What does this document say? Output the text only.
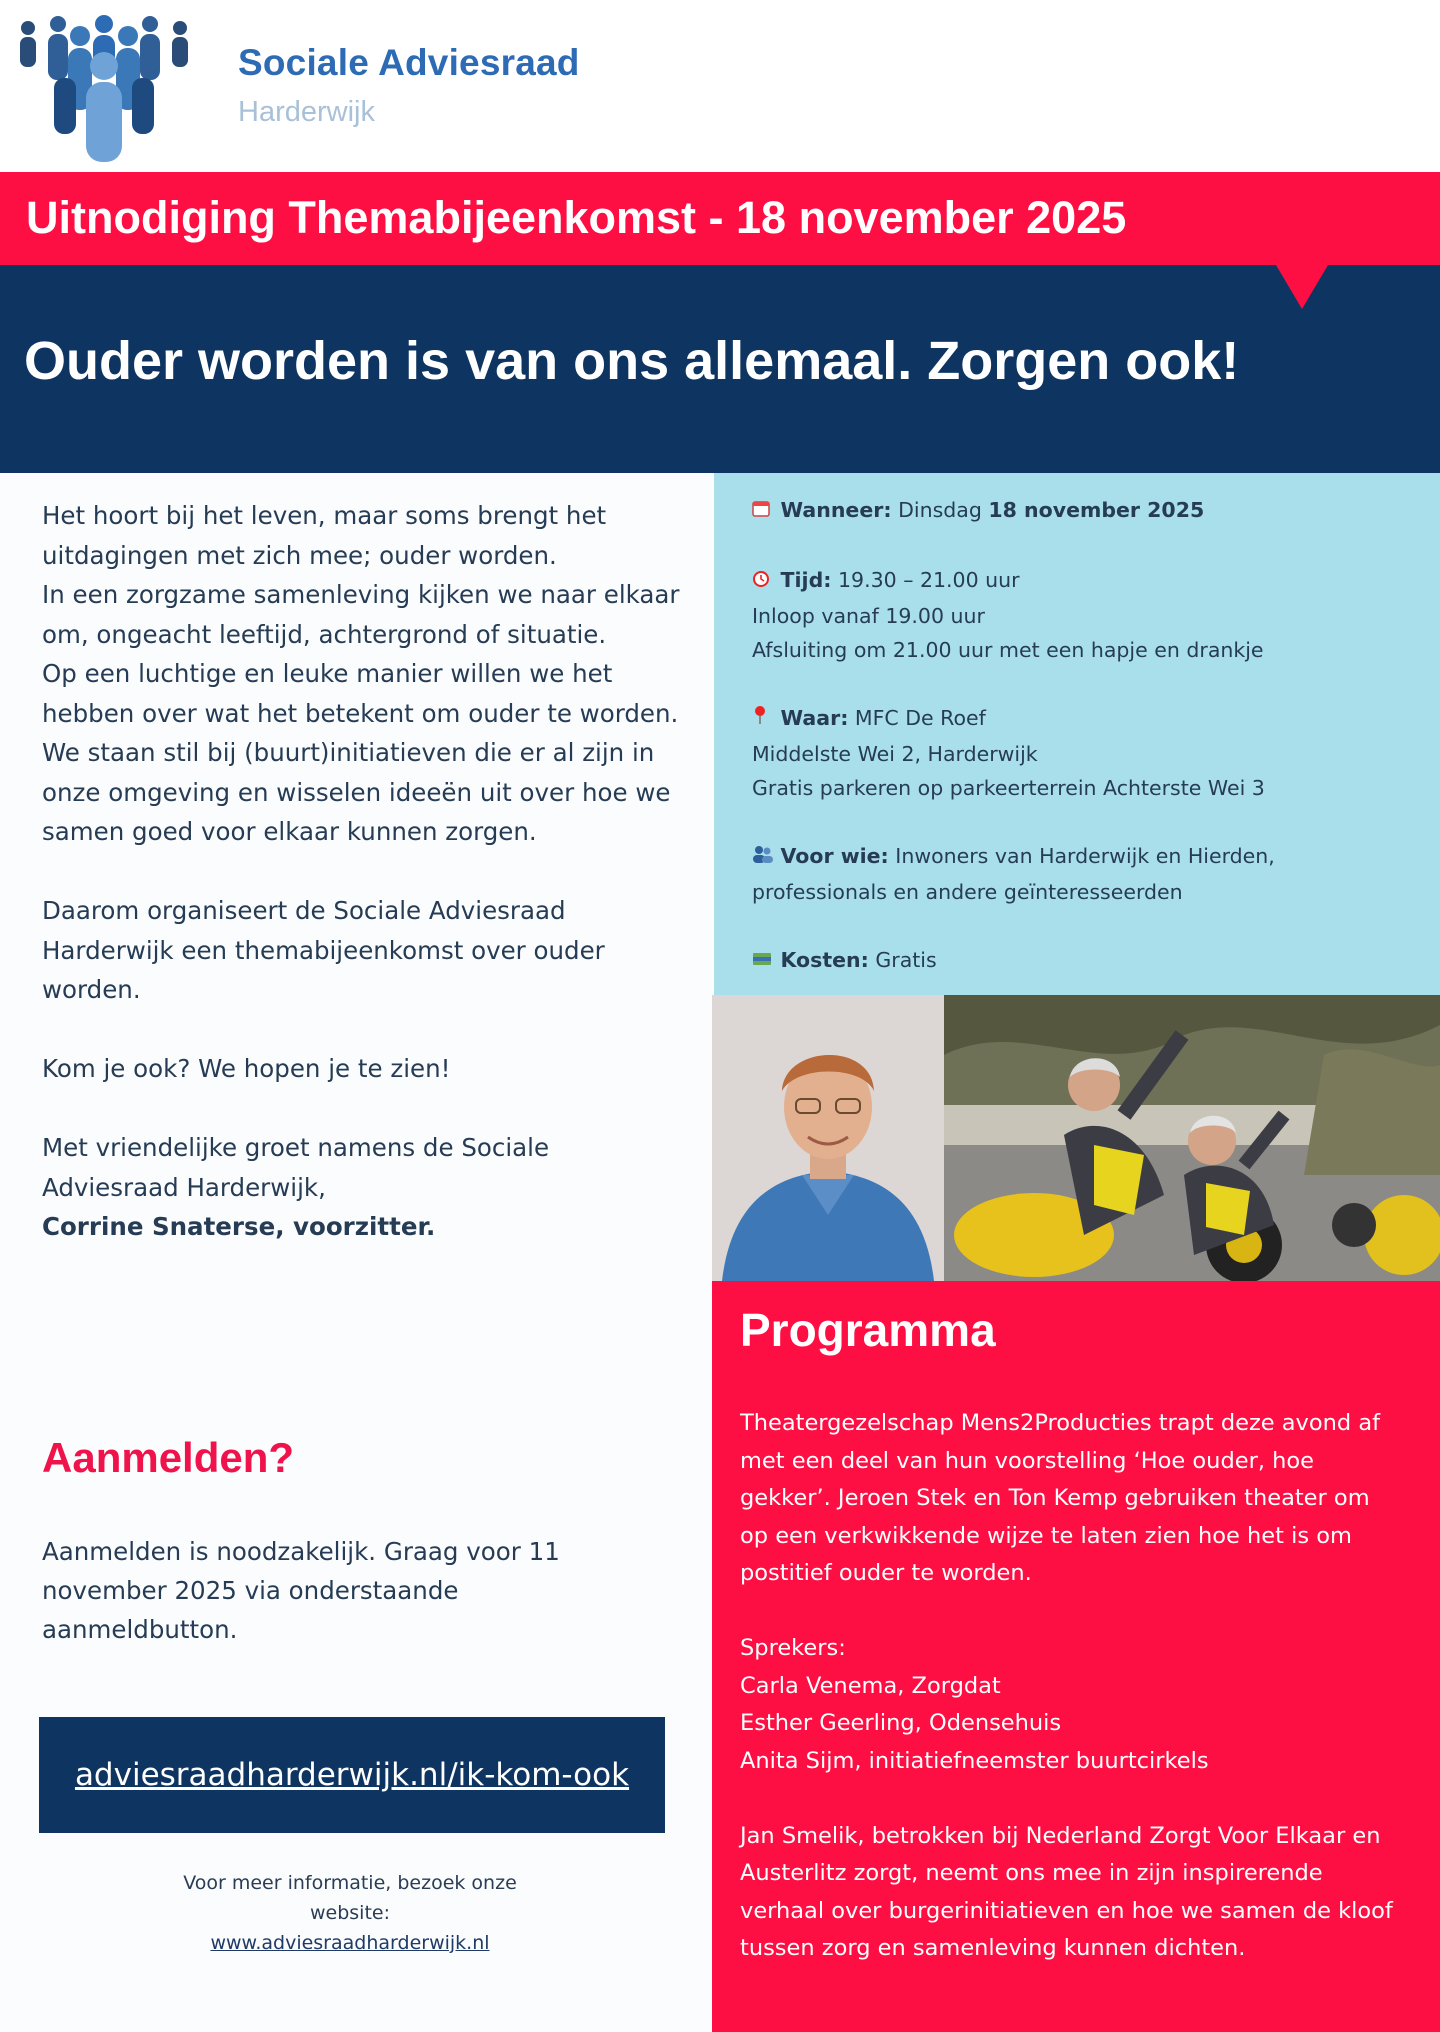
Sociale Adviesraad
Harderwijk
Uitnodiging Themabijeenkomst - 18 november 2025
Ouder worden is van ons allemaal. Zorgen ook!

Het hoort bij het leven, maar soms brengt het uitdagingen met zich mee; ouder worden.

In een zorgzame samenleving kijken we naar elkaar om, ongeacht leeftijd, achtergrond of situatie.

Op een luchtige en leuke manier willen we het hebben over wat het betekent om ouder te worden.

We staan stil bij (buurt)initiatieven die er al zijn in onze omgeving en wisselen ideeën uit over hoe we samen goed voor elkaar kunnen zorgen.

Daarom organiseert de Sociale Adviesraad Harderwijk een themabijeenkomst over ouder worden.

Kom je ook? We hopen je te zien!

Met vriendelijke groet namens de Sociale Adviesraad Harderwijk,

Corrine Snaterse, voorzitter.

Aanmelden?
Aanmelden is noodzakelijk. Graag voor 11 november 2025 via onderstaande aanmeldbutton.
adviesraadharderwijk.nl/ik-kom-ook
Voor meer informatie, bezoek onze website:
www.adviesraadharderwijk.nl
Wanneer: Dinsdag 18 november 2025
Tijd: 19.30 – 21.00 uur
Inloop vanaf 19.00 uur
Afsluiting om 21.00 uur met een hapje en drankje
Waar: MFC De Roef
Middelste Wei 2, Harderwijk
Gratis parkeren op parkeerterrein Achterste Wei 3
Voor wie: Inwoners van Harderwijk en Hierden, professionals en andere geïnteresseerden
Kosten: Gratis
Programma

Theatergezelschap Mens2Producties trapt deze avond af met een deel van hun voorstelling ‘Hoe ouder, hoe gekker’. Jeroen Stek en Ton Kemp gebruiken theater om op een verkwikkende wijze te laten zien hoe het is om postitief ouder te worden.

Sprekers:

Carla Venema, Zorgdat

Esther Geerling, Odensehuis

Anita Sijm, initiatiefneemster buurtcirkels

Jan Smelik, betrokken bij Nederland Zorgt Voor Elkaar en Austerlitz zorgt, neemt ons mee in zijn inspirerende verhaal over burgerinitiatieven en hoe we samen de kloof tussen zorg en samenleving kunnen dichten.
